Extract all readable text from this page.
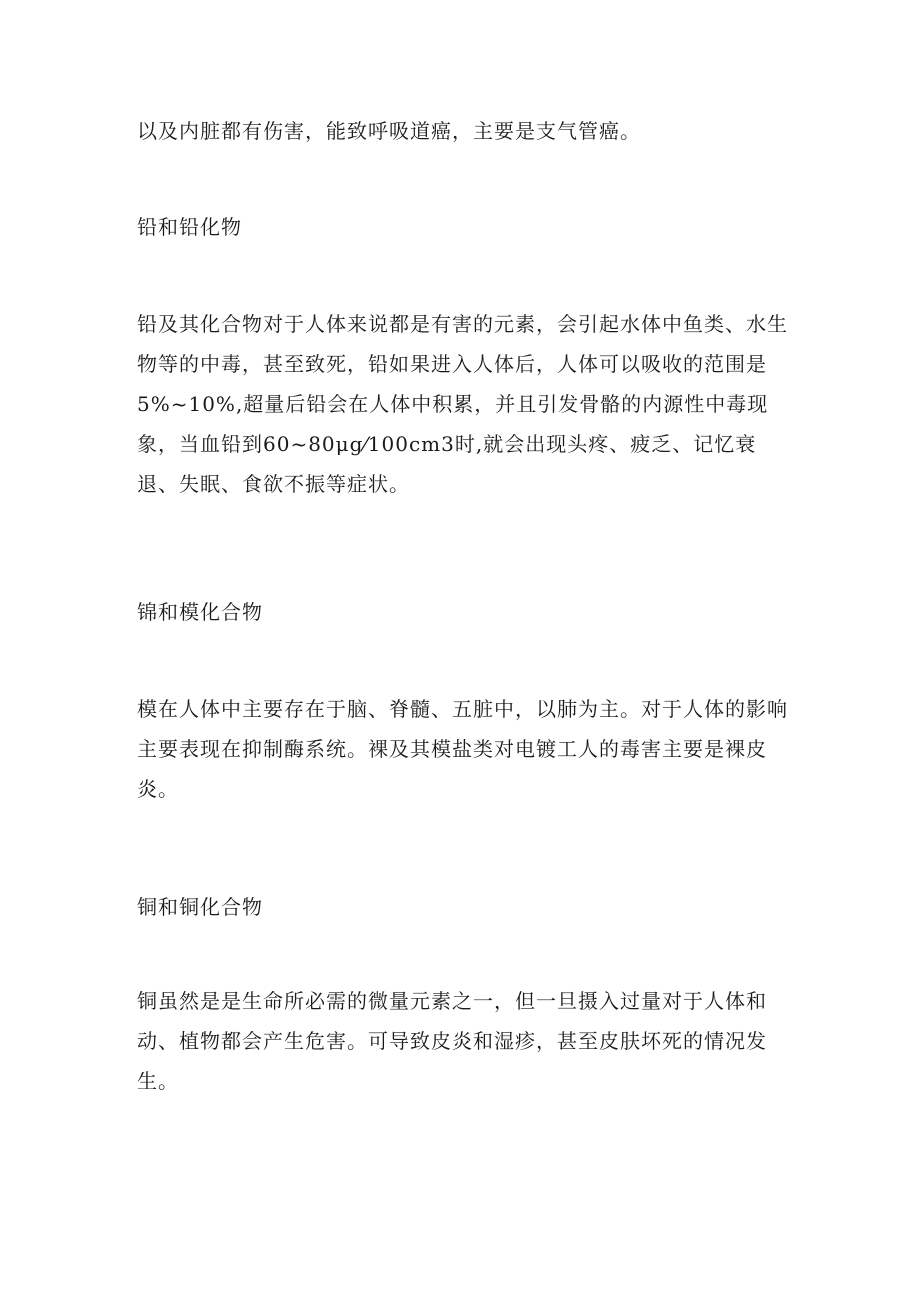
以及内脏都有伤害，能致呼吸道癌，主要是支气管癌。

铅和铅化物

铅及其化合物对于人体来说都是有害的元素，会引起水体中鱼类、水生物等的中毒，甚至致死，铅如果进入人体后，人体可以吸收的范围是5%~10%,超量后铅会在人体中积累，并且引发骨骼的内源性中毒现象，当血铅到60~80μg⁄100cm3时,就会出现头疼、疲乏、记忆衰退、失眠、食欲不振等症状。

锦和模化合物

模在人体中主要存在于脑、脊髓、五脏中，以肺为主。对于人体的影响主要表现在抑制酶系统。裸及其模盐类对电镀工人的毒害主要是裸皮炎。

铜和铜化合物

铜虽然是是生命所必需的微量元素之一，但一旦摄入过量对于人体和动、植物都会产生危害。可导致皮炎和湿疹，甚至皮肤坏死的情况发生。
